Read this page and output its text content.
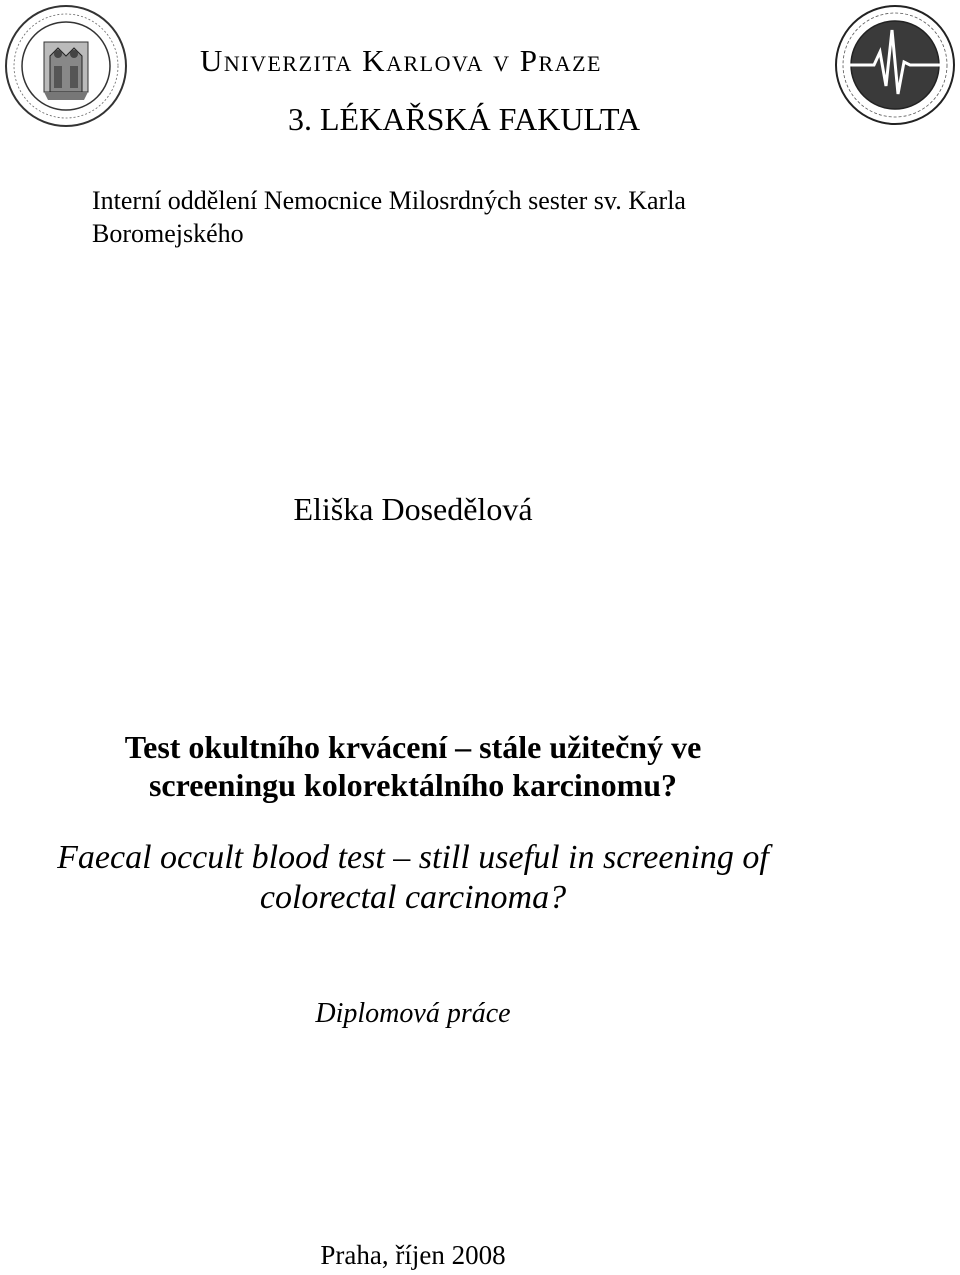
Univerzita Karlova v Praze
3. LÉKAŘSKÁ FAKULTA
Interní oddělení Nemocnice Milosrdných sester sv. Karla
Boromejského
Eliška Dosedělová
Test okultního krvácení – stále užitečný ve
screeningu kolorektálního karcinomu?
Faecal occult blood test – still useful in screening of
colorectal carcinoma?
Diplomová práce
Praha, říjen 2008
